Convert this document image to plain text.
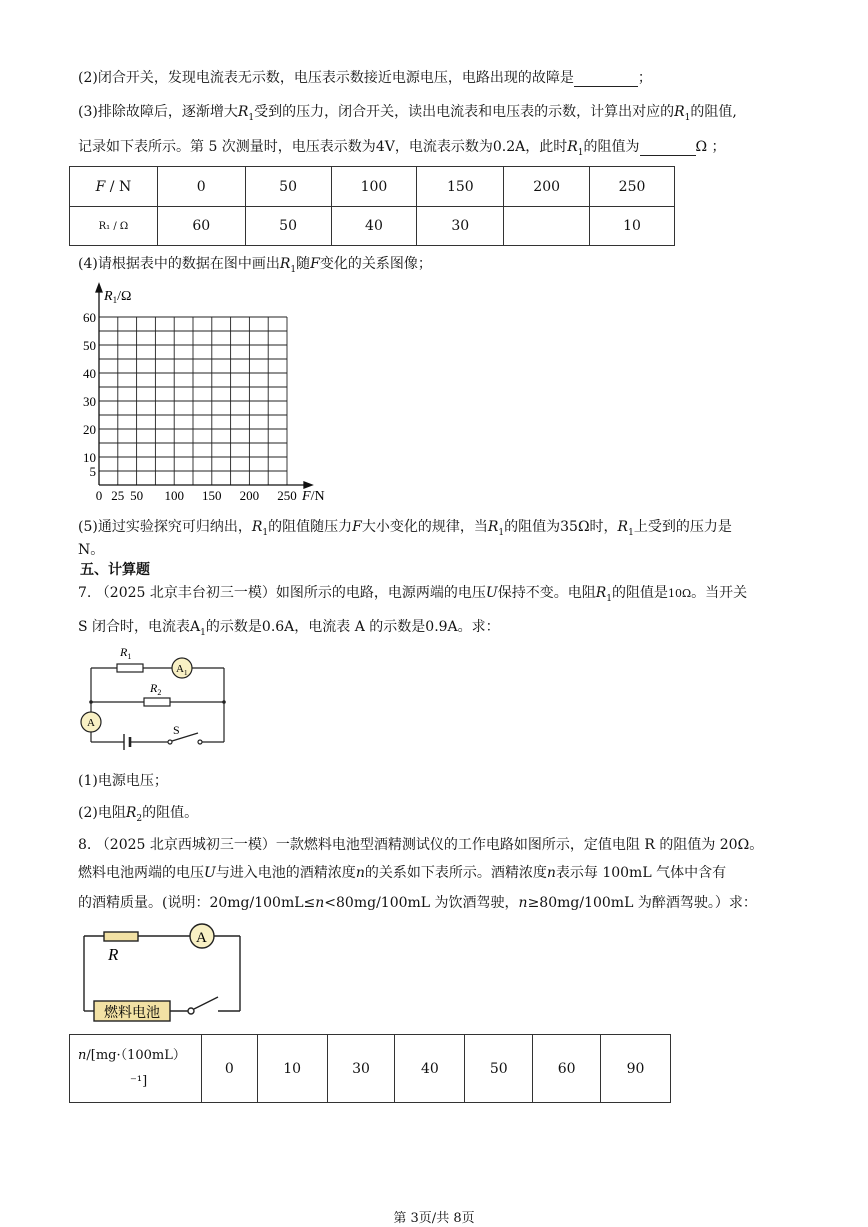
(2)闭合开关，发现电流表无示数，电压表示数接近电源电压，电路出现的故障是	；
(3)排除故障后，逐渐增大$R_1$受到的压力，闭合开关，读出电流表和电压表的示数，计算出对应的$R_1$的阻值,
记录如下表所示。第 5 次测量时，电压表示数为4V，电流表示数为0.2A，此时$R_1$的阻值为	Ω ；
F / N	0	50	100	150	200	250
R₁ / Ω	60	50	40	30		10
(4)请根据表中的数据在图中画出$R_1$随F变化的关系图像；
$R_1/\Omega$
F/N
60
50
40
30
20
10
5
0 25 50 100 150 200 250
(5)通过实验探究可归纳出，$R_1$的阻值随压力F大小变化的规律，当$R_1$的阻值为35Ω时，$R_1$上受到的压力是
N。
五、计算题
7. （2025 北京丰台初三一模）如图所示的电路，电源两端的电压U保持不变。电阻$R_1$的阻值是10Ω。当开关
S 闭合时，电流表$A_1$的示数是0.6A，电流表 A 的示数是0.9A。求：
$R_1$
$R_2$
$A_1$
A	S
(1)电源电压；
(2)电阻$R_2$的阻值。
8. （2025 北京西城初三一模）一款燃料电池型酒精测试仪的工作电路如图所示，定值电阻 R 的阻值为 20Ω。
燃料电池两端的电压U与进入电池的酒精浓度n的关系如下表所示。酒精浓度n表示每 100mL 气体中含有
的酒精质量。(说明：20mg/100mL≤n<80mg/100mL 为饮酒驾驶，n≥80mg/100mL 为醉酒驾驶。）求：
R
A
燃料电池
n/[mg·（100mL）
⁻¹]	0	10	30	40	50	60	90
第 3页/共 8页
